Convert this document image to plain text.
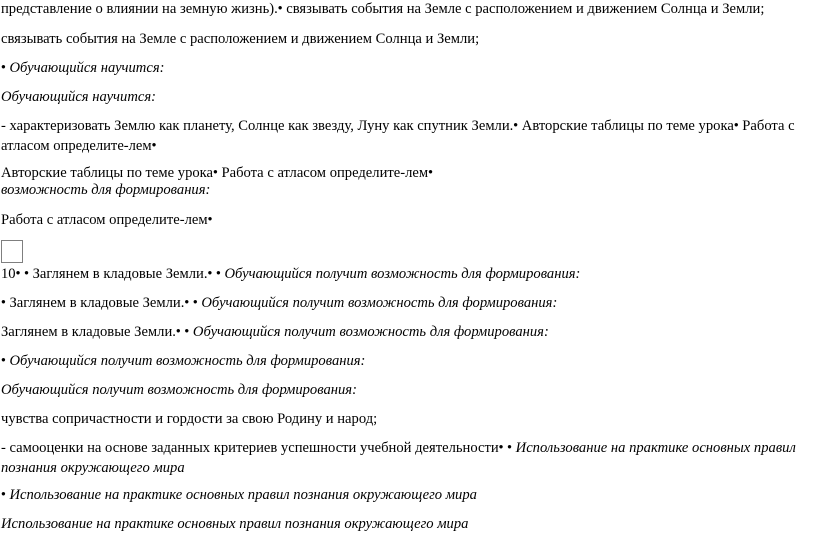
представление о влиянии на земную жизнь).● связывать события на Земле с расположением и движением Солнца и Земли;
связывать события на Земле с расположением и движением Солнца и Земли;
● Обучающийся научится:
Обучающийся научится:
- характеризовать Землю как планету, Солнце как звезду, Луну как спутник Земли.● Авторские таблицы по теме урока● Работа с атласом определите-лем●
Авторские таблицы по теме урока● Работа с атласом определите-лем●
возможность для формирования:
Работа с атласом определите-лем●
10● ● Заглянем в кладовые Земли.● ● Обучающийся получит возможность для формирования:
● Заглянем в кладовые Земли.● ● Обучающийся получит возможность для формирования:
Заглянем в кладовые Земли.● ● Обучающийся получит возможность для формирования:
● Обучающийся получит возможность для формирования:
Обучающийся получит возможность для формирования:
чувства сопричастности и гордости за свою Родину и народ;
- самооценки на основе заданных критериев успешности учебной деятельности● ● Использование на практике основных правил познания окружающего мира
● Использование на практике основных правил познания окружающего мира
Использование на практике основных правил познания окружающего мира
